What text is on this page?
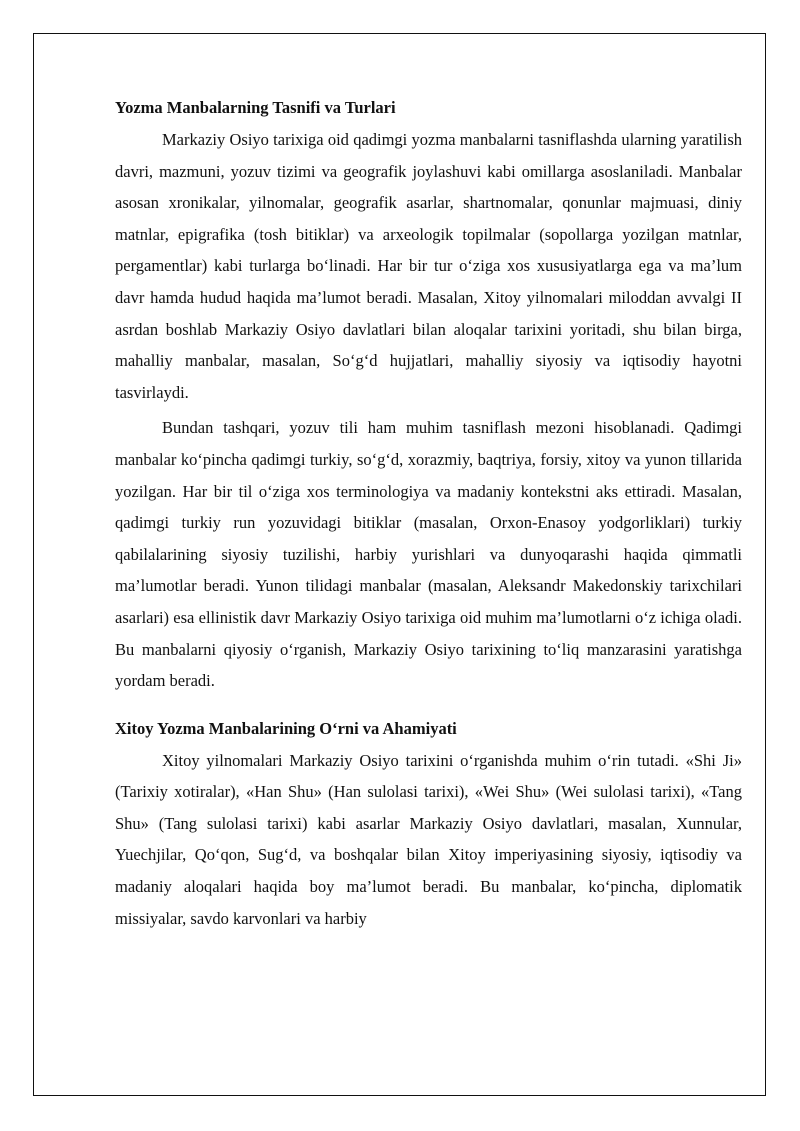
Yozma Manbalarning Tasnifi va Turlari

Markaziy Osiyo tarixiga oid qadimgi yozma manbalarni tasniflashda ularning yaratilish davri, mazmuni, yozuv tizimi va geografik joylashuvi kabi omillarga asoslaniladi. Manbalar asosan xronikalar, yilnomalar, geografik asarlar, shartnomalar, qonunlar majmuasi, diniy matnlar, epigrafika (tosh bitiklar) va arxeologik topilmalar (sopollarga yozilgan matnlar, pergamentlar) kabi turlarga bo‘linadi. Har bir tur o‘ziga xos xususiyatlarga ega va ma’lum davr hamda hudud haqida ma’lumot beradi. Masalan, Xitoy yilnomalari miloddan avvalgi II asrdan boshlab Markaziy Osiyo davlatlari bilan aloqalar tarixini yoritadi, shu bilan birga, mahalliy manbalar, masalan, So‘g‘d hujjatlari, mahalliy siyosiy va iqtisodiy hayotni tasvirlaydi.

Bundan tashqari, yozuv tili ham muhim tasniflash mezoni hisoblanadi. Qadimgi manbalar ko‘pincha qadimgi turkiy, so‘g‘d, xorazmiy, baqtriya, forsiy, xitoy va yunon tillarida yozilgan. Har bir til o‘ziga xos terminologiya va madaniy kontekstni aks ettiradi. Masalan, qadimgi turkiy run yozuvidagi bitiklar (masalan, Orxon-Enasoy yodgorliklari) turkiy qabilalarining siyosiy tuzilishi, harbiy yurishlari va dunyoqarashi haqida qimmatli ma’lumotlar beradi. Yunon tilidagi manbalar (masalan, Aleksandr Makedonskiy tarixchilari asarlari) esa ellinistik davr Markaziy Osiyo tarixiga oid muhim ma’lumotlarni o‘z ichiga oladi. Bu manbalarni qiyosiy o‘rganish, Markaziy Osiyo tarixining to‘liq manzarasini yaratishga yordam beradi.

Xitoy Yozma Manbalarining O‘rni va Ahamiyati

Xitoy yilnomalari Markaziy Osiyo tarixini o‘rganishda muhim o‘rin tutadi. «Shi Ji» (Tarixiy xotiralar), «Han Shu» (Han sulolasi tarixi), «Wei Shu» (Wei sulolasi tarixi), «Tang Shu» (Tang sulolasi tarixi) kabi asarlar Markaziy Osiyo davlatlari, masalan, Xunnular, Yuechjilar, Qo‘qon, Sug‘d, va boshqalar bilan Xitoy imperiyasining siyosiy, iqtisodiy va madaniy aloqalari haqida boy ma’lumot beradi. Bu manbalar, ko‘pincha, diplomatik missiyalar, savdo karvonlari va harbiy
